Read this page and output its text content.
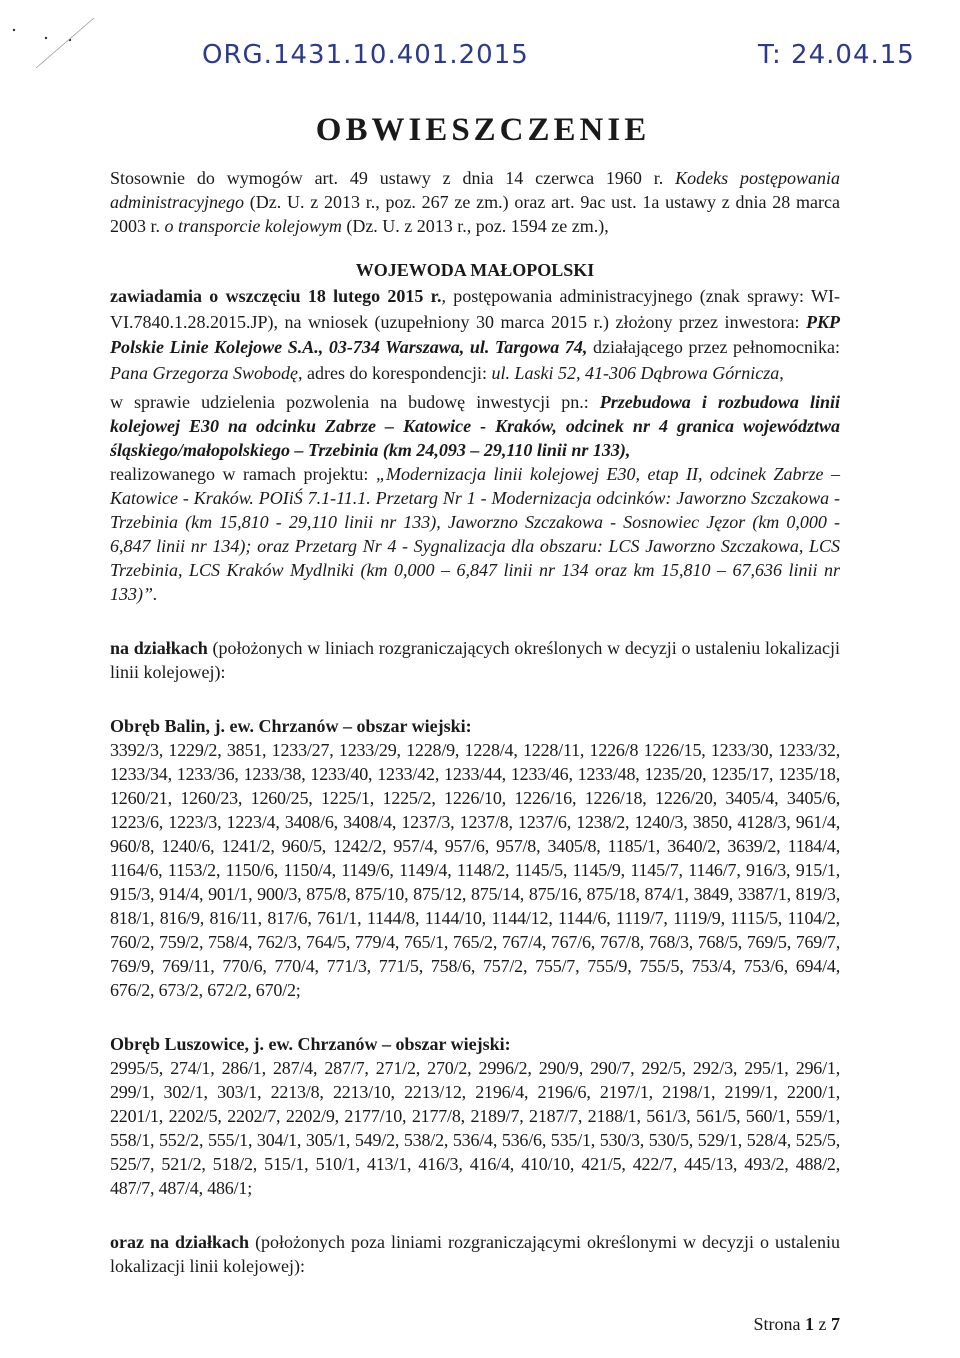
ORG.1431.10.401.2015	T: 24.04.15
OBWIESZCZENIE

Stosownie do wymogów art. 49 ustawy z dnia 14 czerwca 1960 r. Kodeks postępowania administracyjnego (Dz. U. z 2013 r., poz. 267 ze zm.) oraz art. 9ac ust. 1a ustawy z dnia 28 marca 2003 r. o transporcie kolejowym (Dz. U. z 2013 r., poz. 1594 ze zm.),

WOJEWODA MAŁOPOLSKI

zawiadamia o wszczęciu 18 lutego 2015 r., postępowania administracyjnego (znak sprawy: WI-VI.7840.1.28.2015.JP), na wniosek (uzupełniony 30 marca 2015 r.) złożony przez inwestora: PKP Polskie Linie Kolejowe S.A., 03-734 Warszawa, ul. Targowa 74, działającego przez pełnomocnika: Pana Grzegorza Swobodę, adres do korespondencji: ul. Laski 52, 41-306 Dąbrowa Górnicza,

w sprawie udzielenia pozwolenia na budowę inwestycji pn.: Przebudowa i rozbudowa linii kolejowej E30 na odcinku Zabrze – Katowice - Kraków, odcinek nr 4 granica województwa śląskiego/małopolskiego – Trzebinia (km 24,093 – 29,110 linii nr 133),
realizowanego w ramach projektu: „Modernizacja linii kolejowej E30, etap II, odcinek Zabrze – Katowice - Kraków. POIiŚ 7.1-11.1. Przetarg Nr 1 - Modernizacja odcinków: Jaworzno Szczakowa - Trzebinia (km 15,810 - 29,110 linii nr 133), Jaworzno Szczakowa - Sosnowiec Jęzor (km 0,000 - 6,847 linii nr 134); oraz Przetarg Nr 4 - Sygnalizacja dla obszaru: LCS Jaworzno Szczakowa, LCS Trzebinia, LCS Kraków Mydlniki (km 0,000 – 6,847 linii nr 134 oraz km 15,810 – 67,636 linii nr 133)”.

na działkach (położonych w liniach rozgraniczających określonych w decyzji o ustaleniu lokalizacji linii kolejowej):

Obręb Balin, j. ew. Chrzanów – obszar wiejski:

3392/3, 1229/2, 3851, 1233/27, 1233/29, 1228/9, 1228/4, 1228/11, 1226/8 1226/15, 1233/30, 1233/32, 1233/34, 1233/36, 1233/38, 1233/40, 1233/42, 1233/44, 1233/46, 1233/48, 1235/20, 1235/17, 1235/18, 1260/21, 1260/23, 1260/25, 1225/1, 1225/2, 1226/10, 1226/16, 1226/18, 1226/20, 3405/4, 3405/6, 1223/6, 1223/3, 1223/4, 3408/6, 3408/4, 1237/3, 1237/8, 1237/6, 1238/2, 1240/3, 3850, 4128/3, 961/4, 960/8, 1240/6, 1241/2, 960/5, 1242/2, 957/4, 957/6, 957/8, 3405/8, 1185/1, 3640/2, 3639/2, 1184/4, 1164/6, 1153/2, 1150/6, 1150/4, 1149/6, 1149/4, 1148/2, 1145/5, 1145/9, 1145/7, 1146/7, 916/3, 915/1, 915/3, 914/4, 901/1, 900/3, 875/8, 875/10, 875/12, 875/14, 875/16, 875/18, 874/1, 3849, 3387/1, 819/3, 818/1, 816/9, 816/11, 817/6, 761/1, 1144/8, 1144/10, 1144/12, 1144/6, 1119/7, 1119/9, 1115/5, 1104/2, 760/2, 759/2, 758/4, 762/3, 764/5, 779/4, 765/1, 765/2, 767/4, 767/6, 767/8, 768/3, 768/5, 769/5, 769/7, 769/9, 769/11, 770/6, 770/4, 771/3, 771/5, 758/6, 757/2, 755/7, 755/9, 755/5, 753/4, 753/6, 694/4, 676/2, 673/2, 672/2, 670/2;

Obręb Luszowice, j. ew. Chrzanów – obszar wiejski:

2995/5, 274/1, 286/1, 287/4, 287/7, 271/2, 270/2, 2996/2, 290/9, 290/7, 292/5, 292/3, 295/1, 296/1, 299/1, 302/1, 303/1, 2213/8, 2213/10, 2213/12, 2196/4, 2196/6, 2197/1, 2198/1, 2199/1, 2200/1, 2201/1, 2202/5, 2202/7, 2202/9, 2177/10, 2177/8, 2189/7, 2187/7, 2188/1, 561/3, 561/5, 560/1, 559/1, 558/1, 552/2, 555/1, 304/1, 305/1, 549/2, 538/2, 536/4, 536/6, 535/1, 530/3, 530/5, 529/1, 528/4, 525/5, 525/7, 521/2, 518/2, 515/1, 510/1, 413/1, 416/3, 416/4, 410/10, 421/5, 422/7, 445/13, 493/2, 488/2, 487/7, 487/4, 486/1;

oraz na działkach (położonych poza liniami rozgraniczającymi określonymi w decyzji o ustaleniu lokalizacji linii kolejowej):

Strona 1 z 7
